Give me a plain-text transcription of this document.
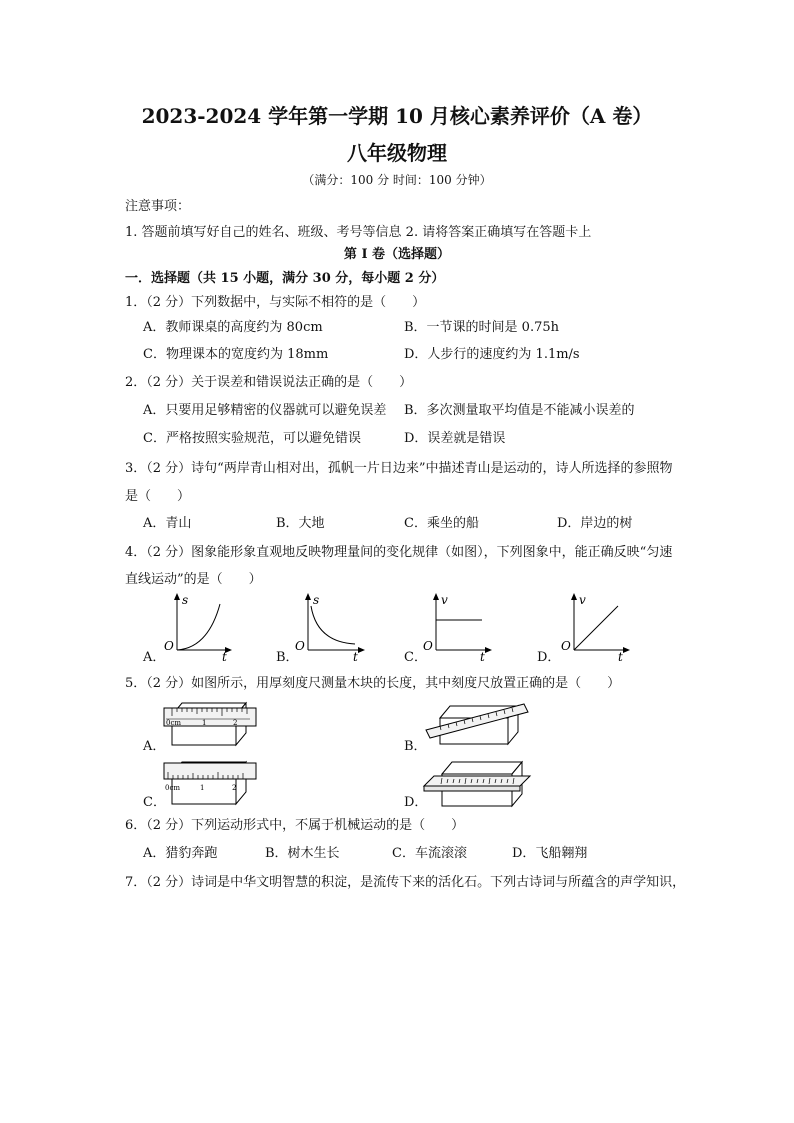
2023-2024 学年第一学期 10 月核心素养评价（A 卷）
八年级物理
（满分：100 分 时间：100 分钟）
注意事项：
1. 答题前填写好自己的姓名、班级、考号等信息 2. 请将答案正确填写在答题卡上
第 I 卷（选择题）
一．选择题（共 15 小题，满分 30 分，每小题 2 分）
1．（2 分）下列数据中，与实际不相符的是（　　）
A．教师课桌的高度约为 80cm	B．一节课的时间是 0.75h
C．物理课本的宽度约为 18mm	D．人步行的速度约为 1.1m/s
2．（2 分）关于误差和错误说法正确的是（　　）
A．只要用足够精密的仪器就可以避免误差 B．多次测量取平均值是不能减小误差的
C．严格按照实验规范，可以避免错误	D．误差就是错误
3．（2 分）诗句“两岸青山相对出，孤帆一片日边来”中描述青山是运动的，诗人所选择的参照物
是（　　）
A．青山	B．大地	C．乘坐的船	D．岸边的树
4．（2 分）图象能形象直观地反映物理量间的变化规律（如图），下列图象中，能正确反映“匀速
直线运动”的是（　　）
A．
s
O
t	B．
s
O
t	C．
v
O
t	D．
v
O
t
5．（2 分）如图所示，用厚刻度尺测量木块的长度，其中刻度尺放置正确的是（　　）
A．
0cm	1	2
B．
C．
0cm	1	2
D．
6．（2 分）下列运动形式中，不属于机械运动的是（　　）
A．猎豹奔跑	B．树木生长	C．车流滚滚	D．飞船翱翔
7．（2 分）诗词是中华文明智慧的积淀，是流传下来的活化石。下列古诗词与所蕴含的声学知识，
